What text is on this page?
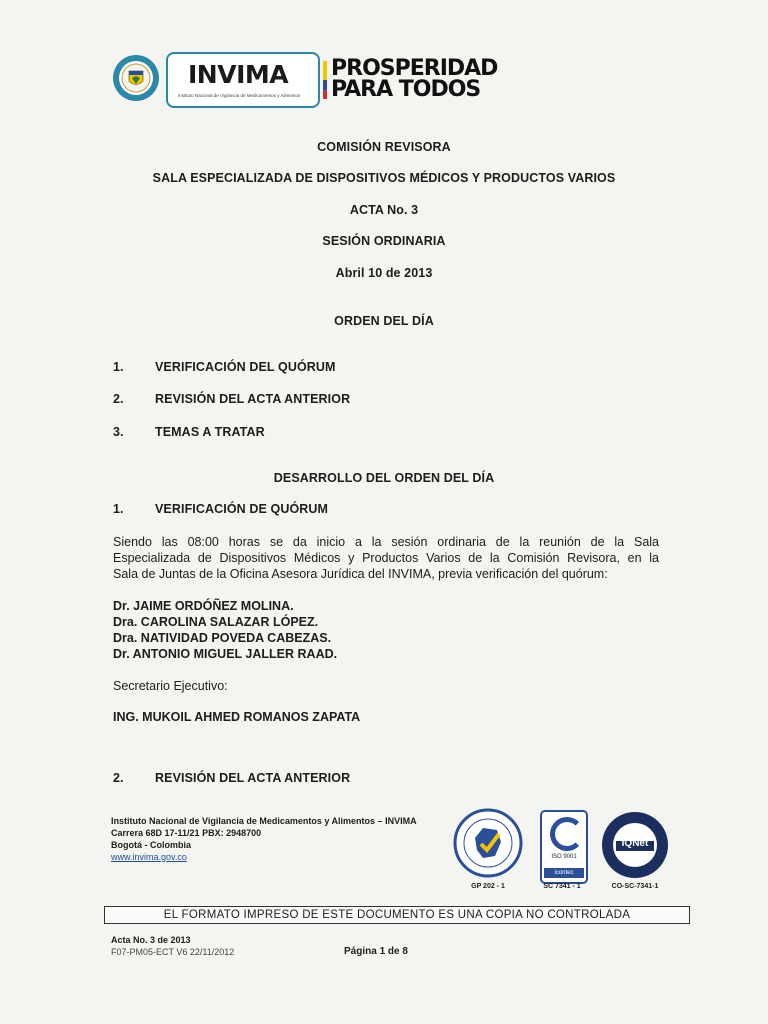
INVIMA
Instituto Nacional de Vigilancia de Medicamentos y Alimentos
PROSPERIDAD
PARA TODOS
COMISIÓN REVISORA
SALA ESPECIALIZADA DE DISPOSITIVOS MÉDICOS Y PRODUCTOS VARIOS
ACTA No. 3
SESIÓN ORDINARIA
Abril 10 de 2013
ORDEN DEL DÍA
1.	VERIFICACIÓN DEL QUÓRUM
2.	REVISIÓN DEL ACTA ANTERIOR
3.	TEMAS A TRATAR
DESARROLLO DEL ORDEN DEL DÍA
1.	VERIFICACIÓN DE QUÓRUM
Siendo las 08:00 horas se da inicio a la sesión ordinaria de la reunión de la Sala
Especializada de Dispositivos Médicos y Productos Varios de la Comisión Revisora, en la
Sala de Juntas de la Oficina Asesora Jurídica del INVIMA, previa verificación del quórum:
Dr. JAIME ORDÓÑEZ MOLINA.
Dra. CAROLINA SALAZAR LÓPEZ.
Dra. NATIVIDAD POVEDA CABEZAS.
Dr. ANTONIO MIGUEL JALLER RAAD.
Secretario Ejecutivo:
ING. MUKOIL AHMED ROMANOS ZAPATA
2.	REVISIÓN DEL ACTA ANTERIOR
Instituto Nacional de Vigilancia de Medicamentos y Alimentos – INVIMA
Carrera 68D 17-11/21 PBX: 2948700
Bogotá - Colombia
www.invima.gov.co
GP 202 - 1
ISO 9001
icontec
SC 7341 - 1
IQNet
CO-SC-7341-1
EL FORMATO IMPRESO DE ESTE DOCUMENTO ES UNA COPIA NO CONTROLADA
Acta No. 3 de 2013
F07-PM05-ECT V6 22/11/2012	Página 1 de 8
